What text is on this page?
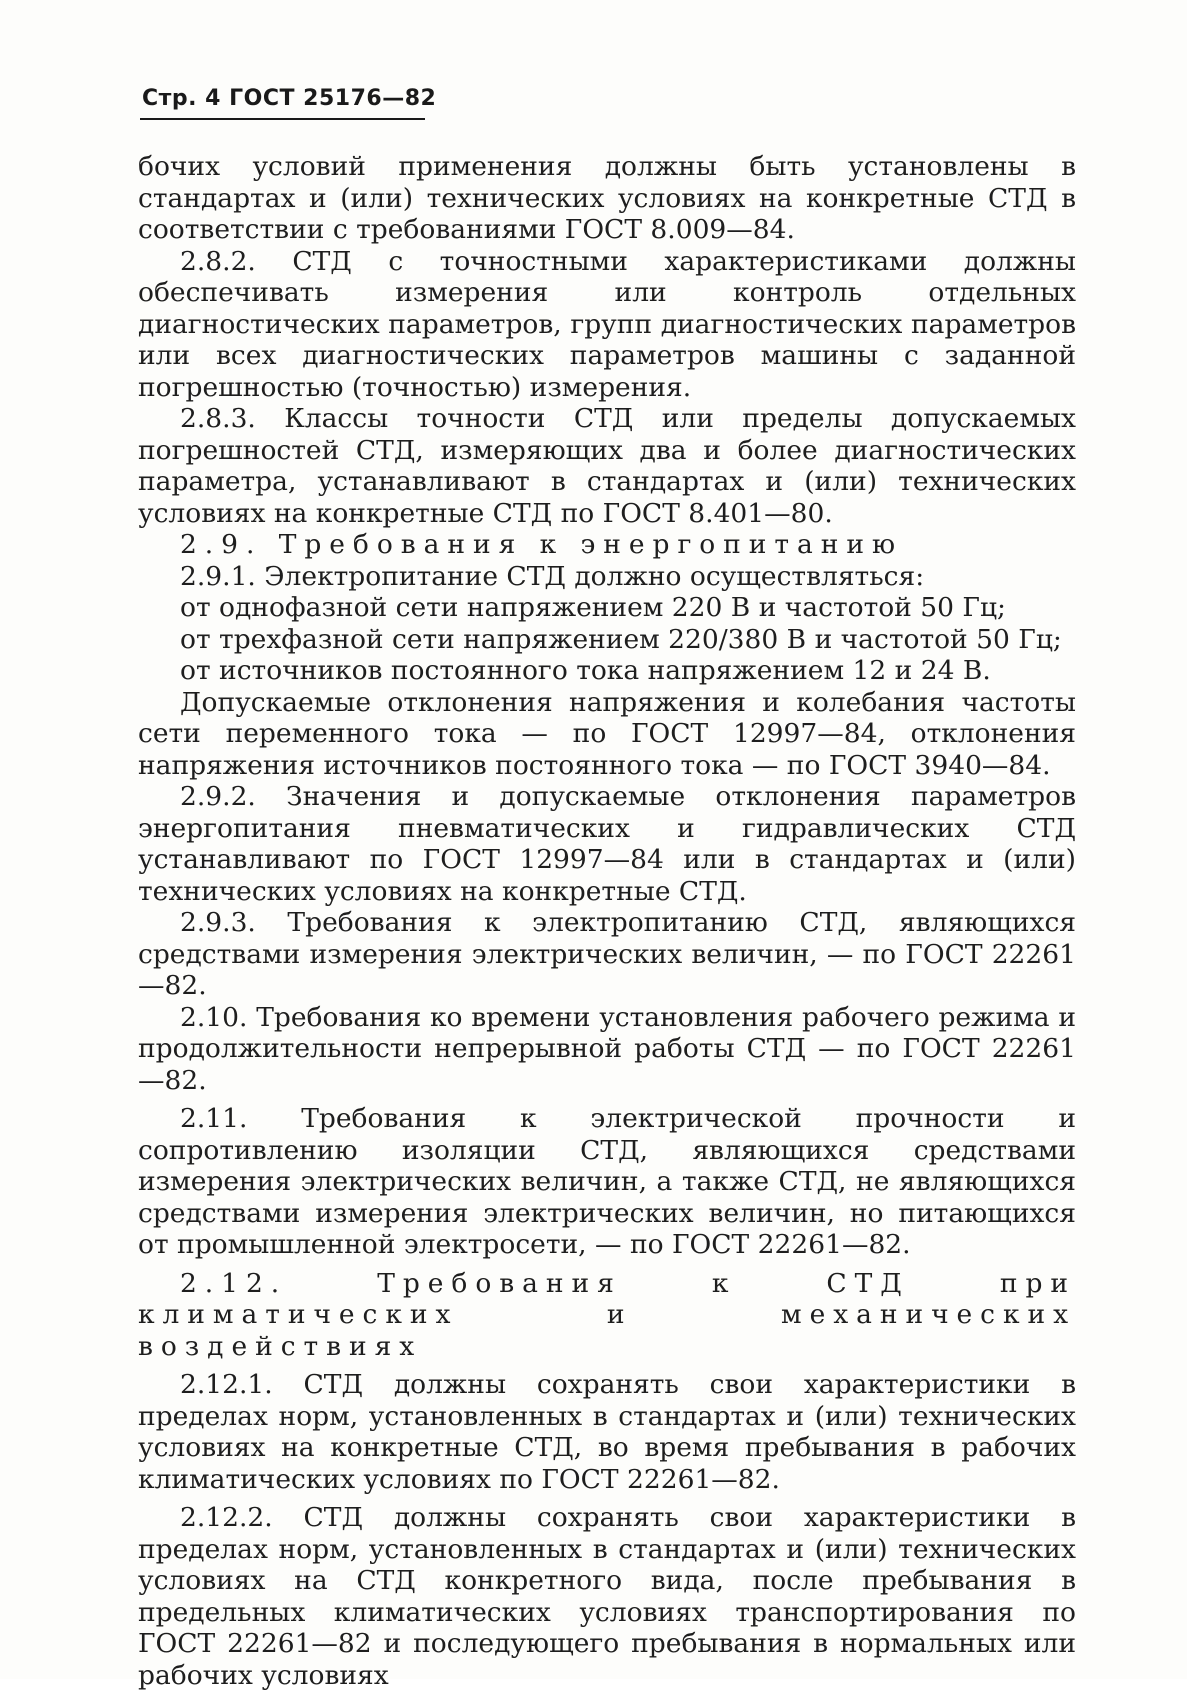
Стр. 4 ГОСТ 25176—82

бочих условий применения должны быть установлены в стандартах и (или) технических условиях на конкретные СТД в соответствии с требованиями ГОСТ 8.009—84.

2.8.2. СТД с точностными характеристиками должны обеспечивать измерения или контроль отдельных диагностических параметров, групп диагностических параметров или всех диагностических параметров машины с заданной погрешностью (точностью) измерения.

2.8.3. Классы точности СТД или пределы допускаемых погрешностей СТД, измеряющих два и более диагностических параметра, устанавливают в стандартах и (или) технических условиях на конкретные СТД по ГОСТ 8.401—80.

2.9. Требования к энергопитанию

2.9.1. Электропитание СТД должно осуществляться:

от однофазной сети напряжением 220 В и частотой 50 Гц;

от трехфазной сети напряжением 220/380 В и частотой 50 Гц;

от источников постоянного тока напряжением 12 и 24 В.

Допускаемые отклонения напряжения и колебания частоты сети переменного тока — по ГОСТ 12997—84, отклонения напряжения источников постоянного тока — по ГОСТ 3940—84.

2.9.2. Значения и допускаемые отклонения параметров энергопитания пневматических и гидравлических СТД устанавливают по ГОСТ 12997—84 или в стандартах и (или) технических условиях на конкретные СТД.

2.9.3. Требования к электропитанию СТД, являющихся средствами измерения электрических величин, — по ГОСТ 22261—82.

2.10. Требования ко времени установления рабочего режима и продолжительности непрерывной работы СТД — по ГОСТ 22261—82.

2.11. Требования к электрической прочности и сопротивлению изоляции СТД, являющихся средствами измерения электрических величин, а также СТД, не являющихся средствами измерения электрических величин, но питающихся от промышленной электросети, — по ГОСТ 22261—82.

2.12. Требования к СТД при климатических и механических воздействиях

2.12.1. СТД должны сохранять свои характеристики в пределах норм, установленных в стандартах и (или) технических условиях на конкретные СТД, во время пребывания в рабочих климатических условиях по ГОСТ 22261—82.

2.12.2. СТД должны сохранять свои характеристики в пределах норм, установленных в стандартах и (или) технических условиях на СТД конкретного вида, после пребывания в предельных климатических условиях транспортирования по ГОСТ 22261—82 и последующего пребывания в нормальных или рабочих условиях
